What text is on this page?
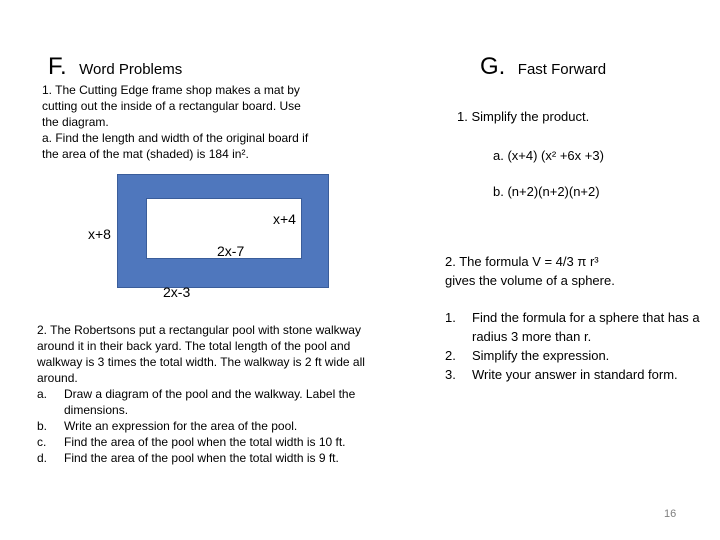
F. Word Problems
1. The Cutting Edge frame shop makes a mat by
cutting out the inside of a rectangular board. Use
the diagram.
a. Find the length and width of the original board if
the area of the mat (shaded) is 184 in².
x+8
x+4
2x-7
2x-3
2. The Robertsons put a rectangular pool with stone walkway
around it in their back yard. The total length of the pool and
walkway is 3 times the total width. The walkway is 2 ft wide all
around.
a. Draw a diagram of the pool and the walkway. Label the dimensions.
b. Write an expression for the area of the pool.
c. Find the area of the pool when the total width is 10 ft.
d. Find the area of the pool when the total width is 9 ft.
G. Fast Forward
1. Simplify the product.
a. (x+4) (x² +6x +3)
b. (n+2)(n+2)(n+2)
2. The formula V = 4/3 π r³
gives the volume of a sphere.
1. Find the formula for a sphere that has a radius 3 more than r.
2. Simplify the expression.
3. Write your answer in standard form.
16
